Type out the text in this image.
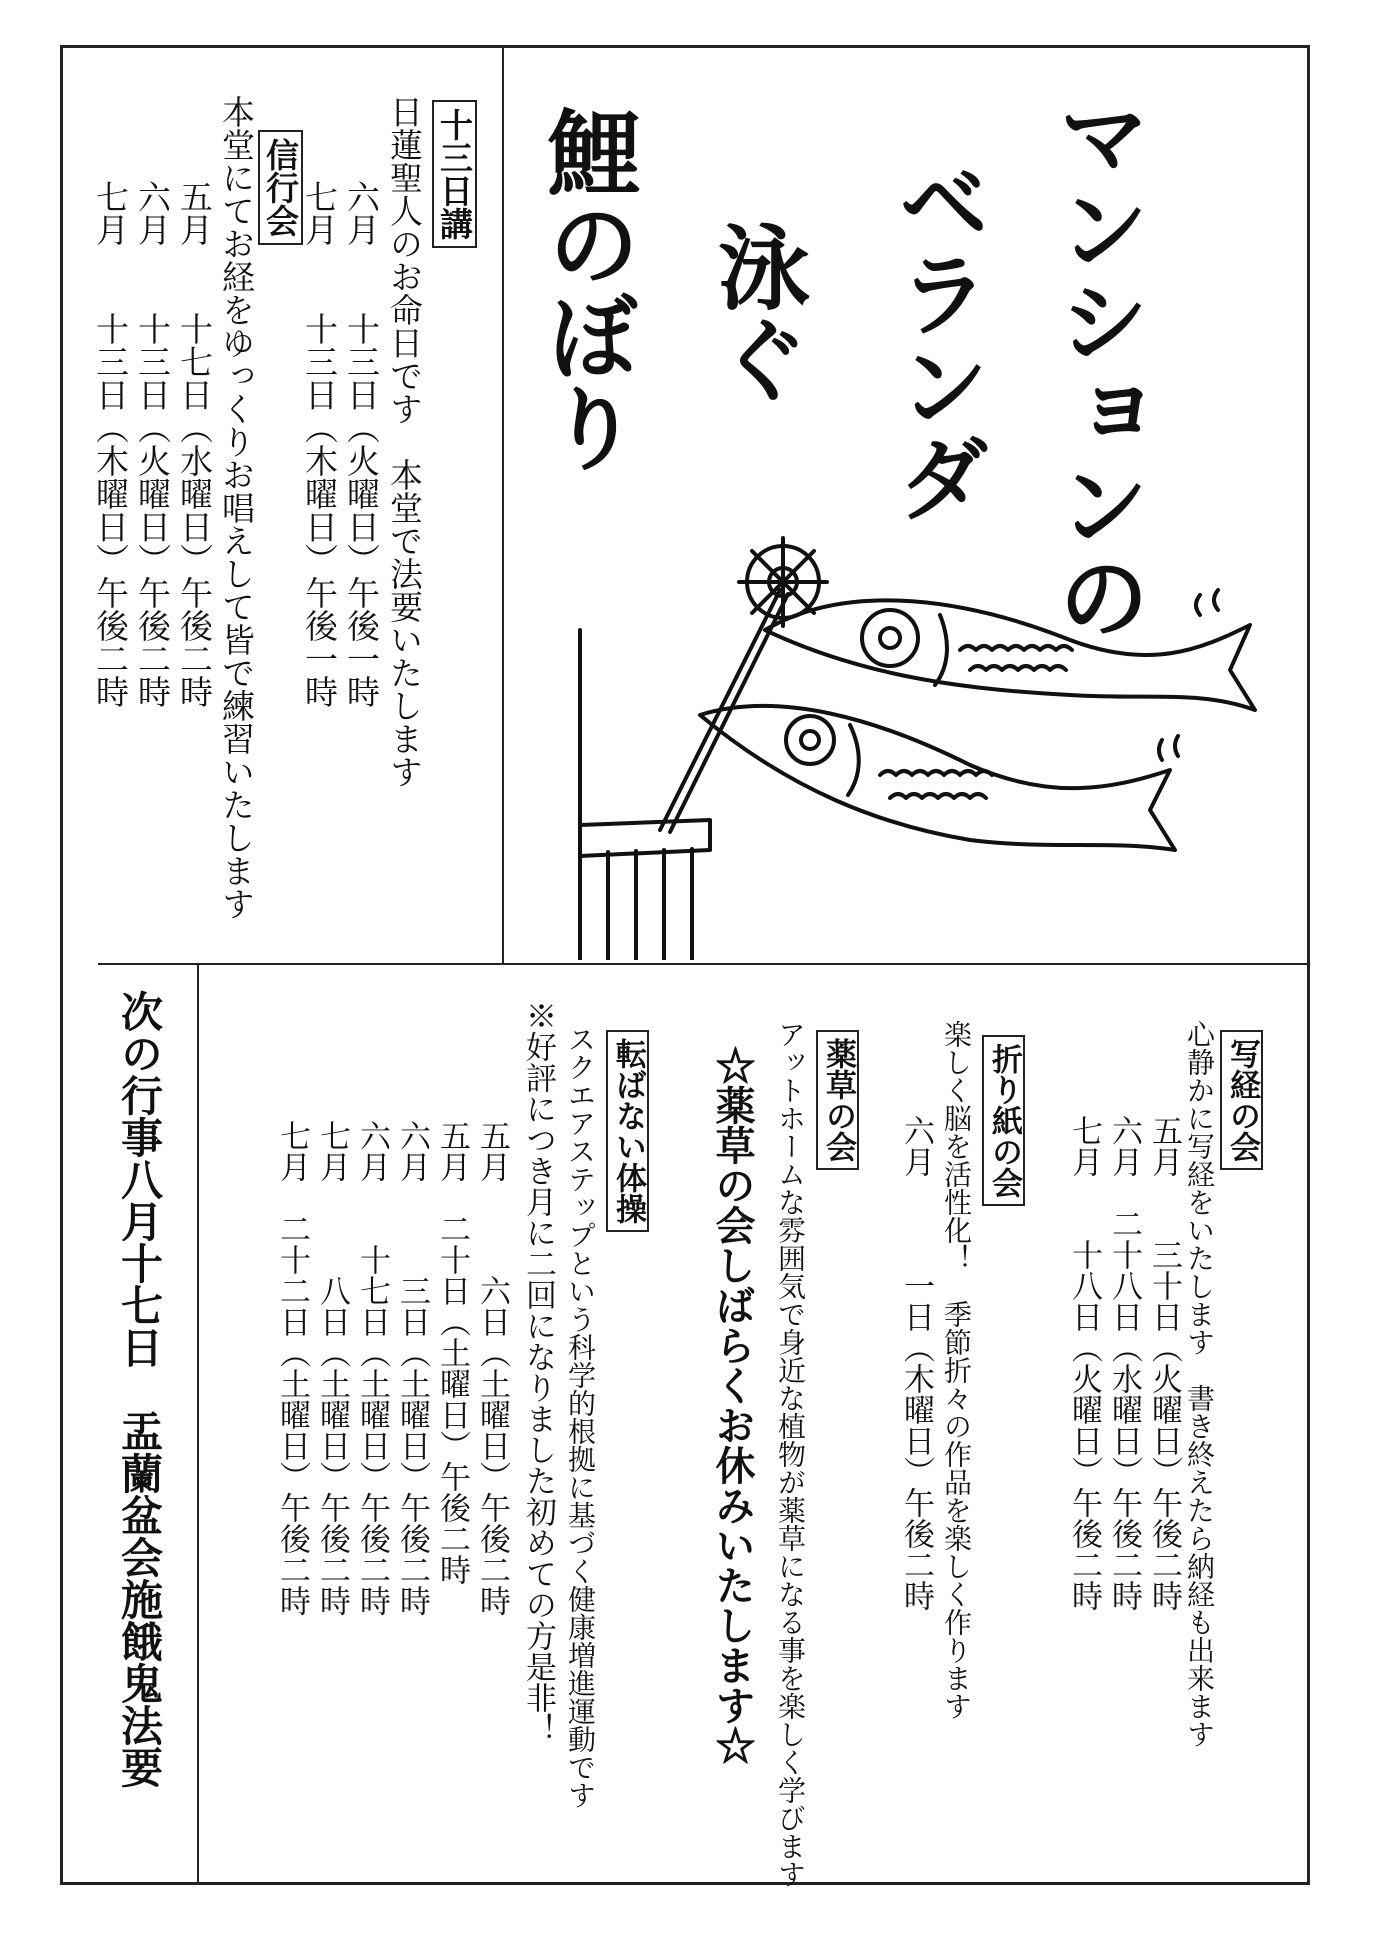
マンションの
ベランダ
泳ぐ
鯉のぼり
十三日講
日蓮聖人のお命日です　本堂で法要いたします
六月　　十三日（火曜日）午後一時
七月　　十三日（木曜日）午後一時
信行会
本堂にてお経をゆっくりお唱えして皆で練習いたします
五月　　十七日（水曜日）午後二時
六月　　十三日（火曜日）午後二時
七月　　十三日（木曜日）午後二時
写経の会
心静かに写経をいたします　書き終えたら納経も出来ます
五月　　三十日（火曜日）午後二時
六月　二十八日（水曜日）午後二時
七月　　十八日（火曜日）午後二時
折り紙の会
楽しく脳を活性化！　季節折々の作品を楽しく作ります
六月　　　一日（木曜日）午後二時
薬草の会
アットホームな雰囲気で身近な植物が薬草になる事を楽しく学びます
☆薬草の会しばらくお休みいたします☆
転ばない体操
スクエアステップという科学的根拠に基づく健康増進運動です
※好評につき月に二回になりました初めての方是非！
五月　　　六日（土曜日）午後二時
五月　二十日（土曜日）午後二時
六月　　　三日（土曜日）午後二時
六月　　十七日（土曜日）午後二時
七月　　　八日（土曜日）午後二時
七月　二十二日（土曜日）午後二時
次の行事八月十七日　盂蘭盆会施餓鬼法要
